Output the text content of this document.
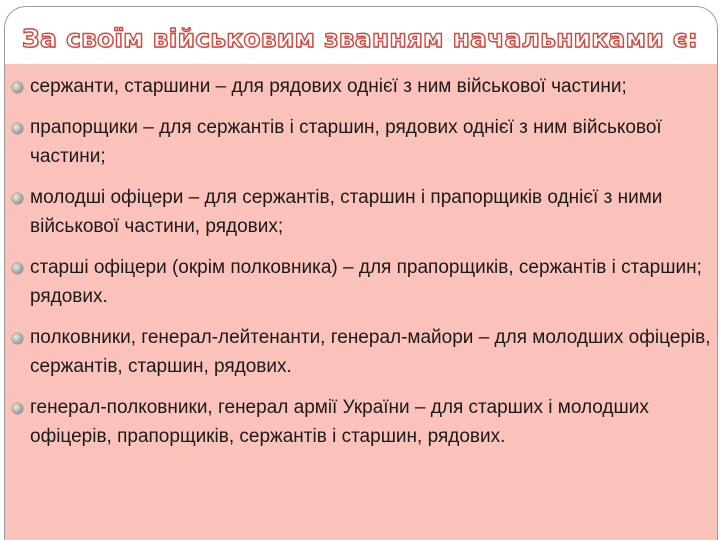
За своїм військовим званням начальниками є:
сержанти, старшини – для рядових однієї з ним військової частини;
прапорщики – для сержантів і старшин, рядових однієї з ним військової частини;
молодші офіцери – для сержантів, старшин і прапорщиків однієї з ними військової частини, рядових;
старші офіцери (окрім полковника) – для прапорщиків, сержантів і старшин; рядових.
полковники, генерал-лейтенанти, генерал-майори – для молодших офіцерів, сержантів, старшин, рядових.
генерал-полковники, генерал армії України – для старших і молодших офіцерів, прапорщиків, сержантів і старшин, рядових.
